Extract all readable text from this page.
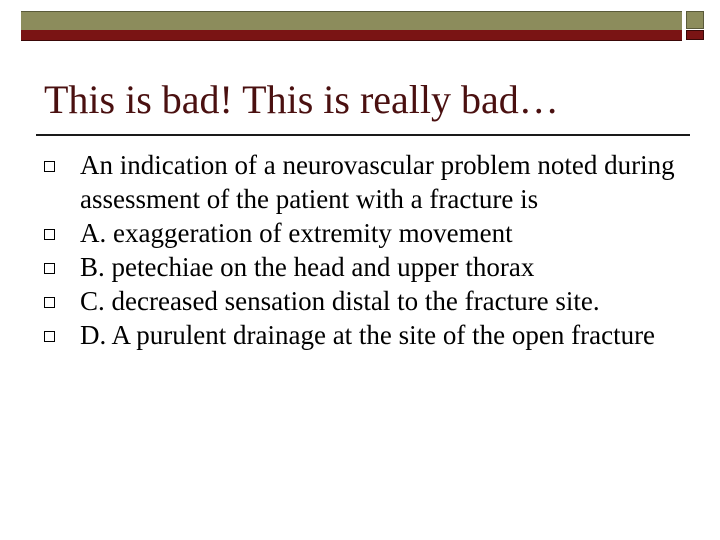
This is bad! This is really bad…
An indication of a neurovascular problem noted during assessment of the patient with a fracture is
A. exaggeration of extremity movement
B. petechiae on the head and upper thorax
C. decreased sensation distal to the fracture site.
D. A purulent drainage at the site of the open fracture
